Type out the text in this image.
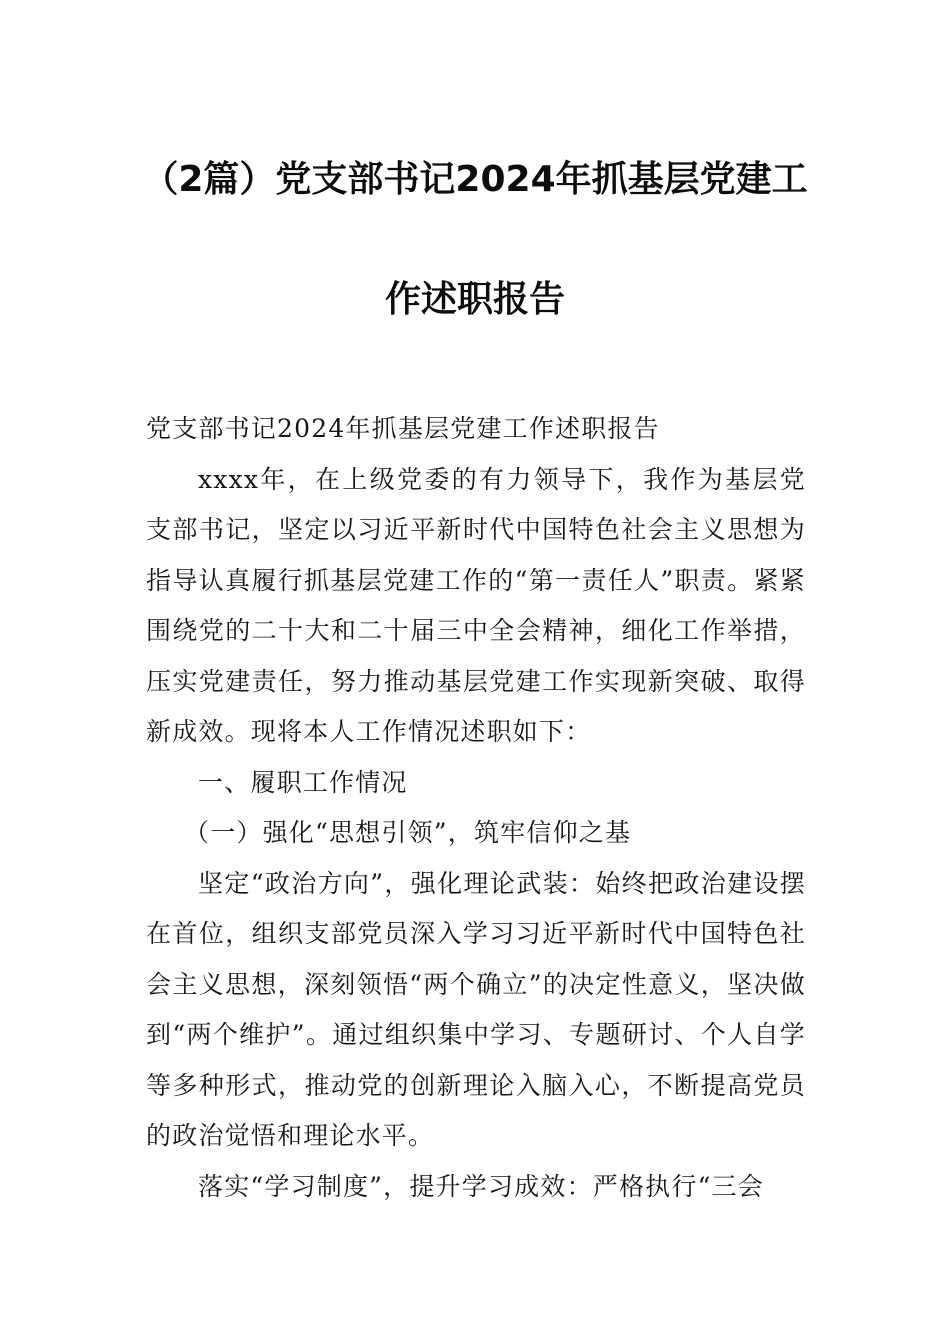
（2篇）党支部书记2024年抓基层党建工
作述职报告

党支部书记2024年抓基层党建工作述职报告

xxxx年，在上级党委的有力领导下，我作为基层党支部书记，坚定以习近平新时代中国特色社会主义思想为指导认真履行抓基层党建工作的“第一责任人”职责。紧紧围绕党的二十大和二十届三中全会精神，细化工作举措，压实党建责任，努力推动基层党建工作实现新突破、取得新成效。现将本人工作情况述职如下：

一、履职工作情况

（一）强化“思想引领”，筑牢信仰之基

坚定“政治方向”，强化理论武装：始终把政治建设摆在首位，组织支部党员深入学习习近平新时代中国特色社会主义思想，深刻领悟“两个确立”的决定性意义，坚决做到“两个维护”。通过组织集中学习、专题研讨、个人自学等多种形式，推动党的创新理论入脑入心，不断提高党员的政治觉悟和理论水平。

落实“学习制度”，提升学习成效：严格执行“三会
